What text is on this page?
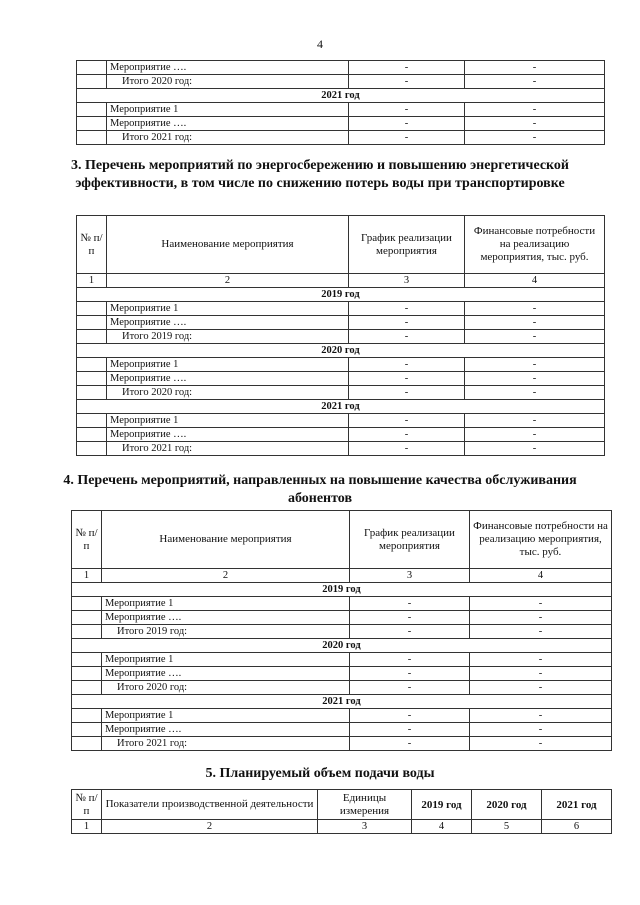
4
	Мероприятие ….	-	-
	Итого 2020 год:	-	-
2021 год			
	Мероприятие 1	-	-
	Мероприятие ….	-	-
	Итого 2021 год:	-	-
3. Перечень мероприятий по энергосбережению и повышению энергетической эффективности, в том числе по снижению потерь воды при транспортировке
№ п/п	Наименование мероприятия	График реализации мероприятия	Финансовые потребности на реализацию мероприятия, тыс. руб.
1	2	3	4
2019 год			
	Мероприятие 1	-	-
	Мероприятие ….	-	-
	Итого 2019 год:	-	-
2020 год			
	Мероприятие 1	-	-
	Мероприятие ….	-	-
	Итого 2020 год:	-	-
2021 год			
	Мероприятие 1	-	-
	Мероприятие ….	-	-
	Итого 2021 год:	-	-
4. Перечень мероприятий, направленных на повышение качества обслуживания абонентов
№ п/п	Наименование мероприятия	График реализации мероприятия	Финансовые потребности на реализацию мероприятия, тыс. руб.
1	2	3	4
2019 год			
	Мероприятие 1	-	-
	Мероприятие ….	-	-
	Итого 2019 год:	-	-
2020 год			
	Мероприятие 1	-	-
	Мероприятие ….	-	-
	Итого 2020 год:	-	-
2021 год			
	Мероприятие 1	-	-
	Мероприятие ….	-	-
	Итого 2021 год:	-	-
5. Планируемый объем подачи воды
№ п/п	Показатели производственной деятельности	Единицы измерения	2019 год	2020 год	2021 год
1	2	3	4	5	6
